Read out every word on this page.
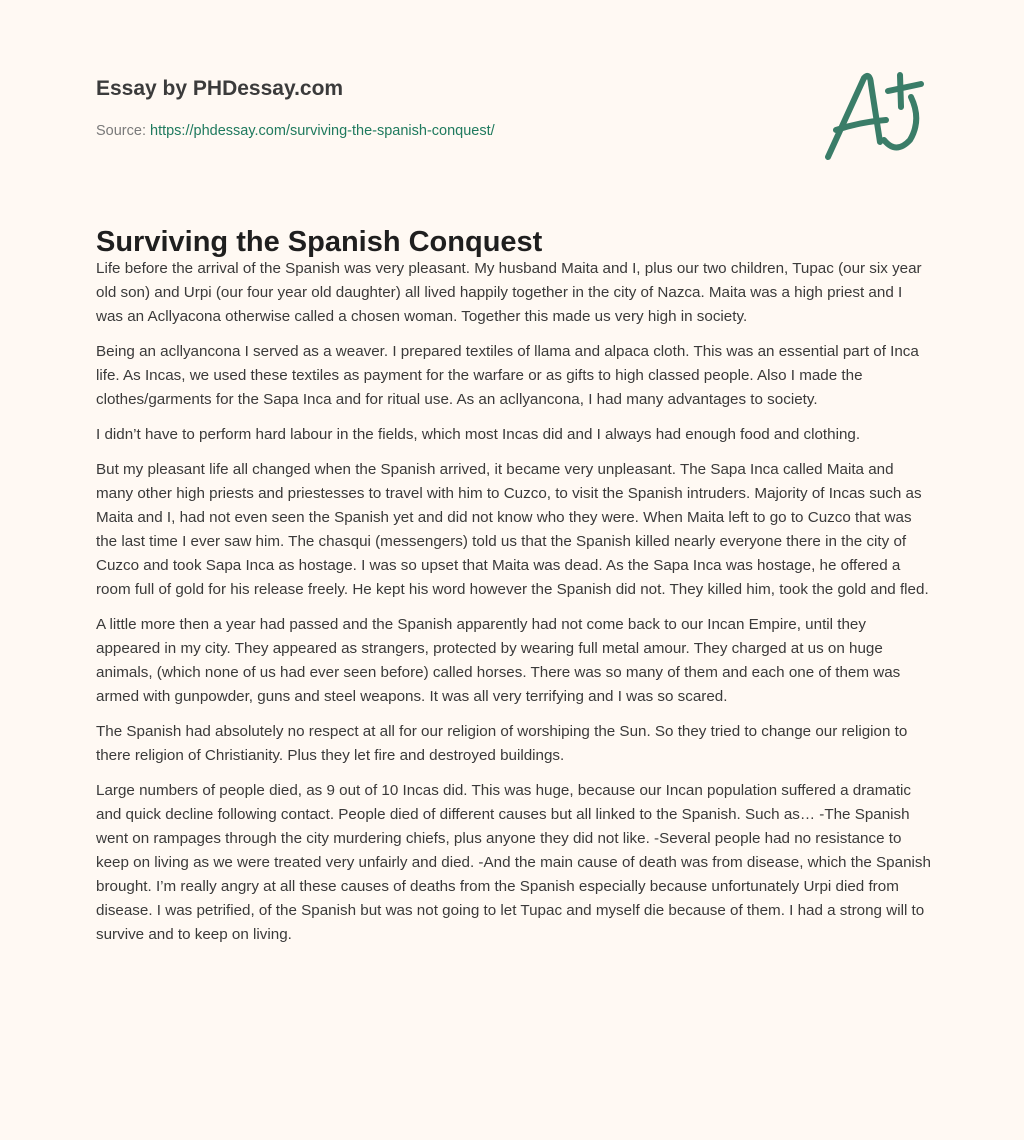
Essay by PHDessay.com
Source: https://phdessay.com/surviving-the-spanish-conquest/
Surviving the Spanish Conquest

Life before the arrival of the Spanish was very pleasant. My husband Maita and I, plus our two children, Tupac (our six year old son) and Urpi (our four year old daughter) all lived happily together in the city of Nazca. Maita was a high priest and I was an Acllyacona otherwise called a chosen woman. Together this made us very high in society.

Being an acllyancona I served as a weaver. I prepared textiles of llama and alpaca cloth. This was an essential part of Inca life. As Incas, we used these textiles as payment for the warfare or as gifts to high classed people. Also I made the clothes/garments for the Sapa Inca and for ritual use. As an acllyancona, I had many advantages to society.

I didn’t have to perform hard labour in the fields, which most Incas did and I always had enough food and clothing.

But my pleasant life all changed when the Spanish arrived, it became very unpleasant. The Sapa Inca called Maita and many other high priests and priestesses to travel with him to Cuzco, to visit the Spanish intruders. Majority of Incas such as Maita and I, had not even seen the Spanish yet and did not know who they were. When Maita left to go to Cuzco that was the last time I ever saw him. The chasqui (messengers) told us that the Spanish killed nearly everyone there in the city of Cuzco and took Sapa Inca as hostage. I was so upset that Maita was dead. As the Sapa Inca was hostage, he offered a room full of gold for his release freely. He kept his word however the Spanish did not. They killed him, took the gold and fled.

A little more then a year had passed and the Spanish apparently had not come back to our Incan Empire, until they appeared in my city. They appeared as strangers, protected by wearing full metal amour. They charged at us on huge animals, (which none of us had ever seen before) called horses. There was so many of them and each one of them was armed with gunpowder, guns and steel weapons. It was all very terrifying and I was so scared.

The Spanish had absolutely no respect at all for our religion of worshiping the Sun. So they tried to change our religion to there religion of Christianity. Plus they let fire and destroyed buildings.

Large numbers of people died, as 9 out of 10 Incas did. This was huge, because our Incan population suffered a dramatic and quick decline following contact. People died of different causes but all linked to the Spanish. Such as… -The Spanish went on rampages through the city murdering chiefs, plus anyone they did not like. -Several people had no resistance to keep on living as we were treated very unfairly and died. -And the main cause of death was from disease, which the Spanish brought. I’m really angry at all these causes of deaths from the Spanish especially because unfortunately Urpi died from disease. I was petrified, of the Spanish but was not going to let Tupac and myself die because of them. I had a strong will to survive and to keep on living.
